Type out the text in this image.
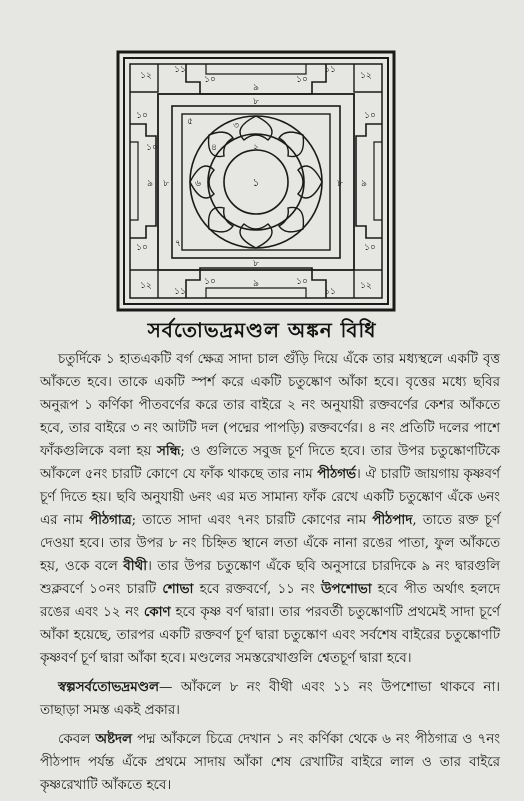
১
২
৩
৪
৫
৬
৭
৮
৯
১০
১১
১২
১১
১২
১২	১২
১১	১১
৯
৯
৯
১০	১০
১০	১০
১০	১০
১০	১০
৮
৮
৮
সর্বতোভদ্রমণ্ডল অঙ্কন বিধি

চতুর্দিকে ১ হাতএকটি বর্গ ক্ষেত্র সাদা চাল গুঁড়ি দিয়ে এঁকে তার মধ্যস্থলে একটি বৃত্ত আঁকতে হবে। তাকে একটি স্পর্শ করে একটি চতুষ্কোণ আঁকা হবে। বৃত্তের মধ্যে ছবির অনুরূপ ১ কর্ণিকা পীতবর্ণের করে তার বাইরে ২ নং অনুযায়ী রক্তবর্ণের কেশর আঁকতে হবে, তার বাইরে ৩ নং আটটি দল (পদ্মের পাপড়ি) রক্তবর্ণের। ৪ নং প্রতিটি দলের পাশে ফাঁকগুলিকে বলা হয় সন্ধি; ও গুলিতে সবুজ চূর্ণ দিতে হবে। তার উপর চতুষ্কোণটিকে আঁকলে ৫নং চারটি কোণে যে ফাঁক থাকছে তার নাম পীঠগর্ভ। ঐ চারটি জায়গায় কৃষ্ণবর্ণ চূর্ণ দিতে হয়। ছবি অনুযায়ী ৬নং এর মত সামান্য ফাঁক রেখে একটি চতুষ্কোণ এঁকে ৬নং এর নাম পীঠগাত্র; তাতে সাদা এবং ৭নং চারটি কোণের নাম পীঠপাদ, তাতে রক্ত চূর্ণ দেওয়া হবে। তার উপর ৮ নং চিহ্নিত স্থানে লতা এঁকে নানা রঙের পাতা, ফুল আঁকতে হয়, ওকে বলে বীথী। তার উপর চতুষ্কোণ এঁকে ছবি অনুসারে চারদিকে ৯ নং দ্বারগুলি শুক্লবর্ণে ১০নং চারটি শোভা হবে রক্তবর্ণে, ১১ নং উপশোভা হবে পীত অর্থাৎ হলদে রঙের এবং ১২ নং কোণ হবে কৃষ্ণ বর্ণ দ্বারা। তার পরবর্তী চতুষ্কোণটি প্রথমেই সাদা চূর্ণে আঁকা হয়েছে, তারপর একটি রক্তবর্ণ চূর্ণ দ্বারা চতুষ্কোণ এবং সর্বশেষ বাইরের চতুষ্কোণটি কৃষ্ণবর্ণ চূর্ণ দ্বারা আঁকা হবে। মণ্ডলের সমস্তরেখাগুলি শ্বেতচূর্ণ দ্বারা হবে।

স্বল্পসর্বতোভদ্রমণ্ডল— আঁকলে ৮ নং বীথী এবং ১১ নং উপশোভা থাকবে না। তাছাড়া সমস্ত একই প্রকার।

কেবল অষ্টদল পদ্ম আঁকলে চিত্রে দেখান ১ নং কর্ণিকা থেকে ৬ নং পীঠগাত্র ও ৭নং পীঠপাদ পর্যন্ত এঁকে প্রথমে সাদায় আঁকা শেষ রেখাটির বাইরে লাল ও তার বাইরে কৃষ্ণরেখাটি আঁকতে হবে।
